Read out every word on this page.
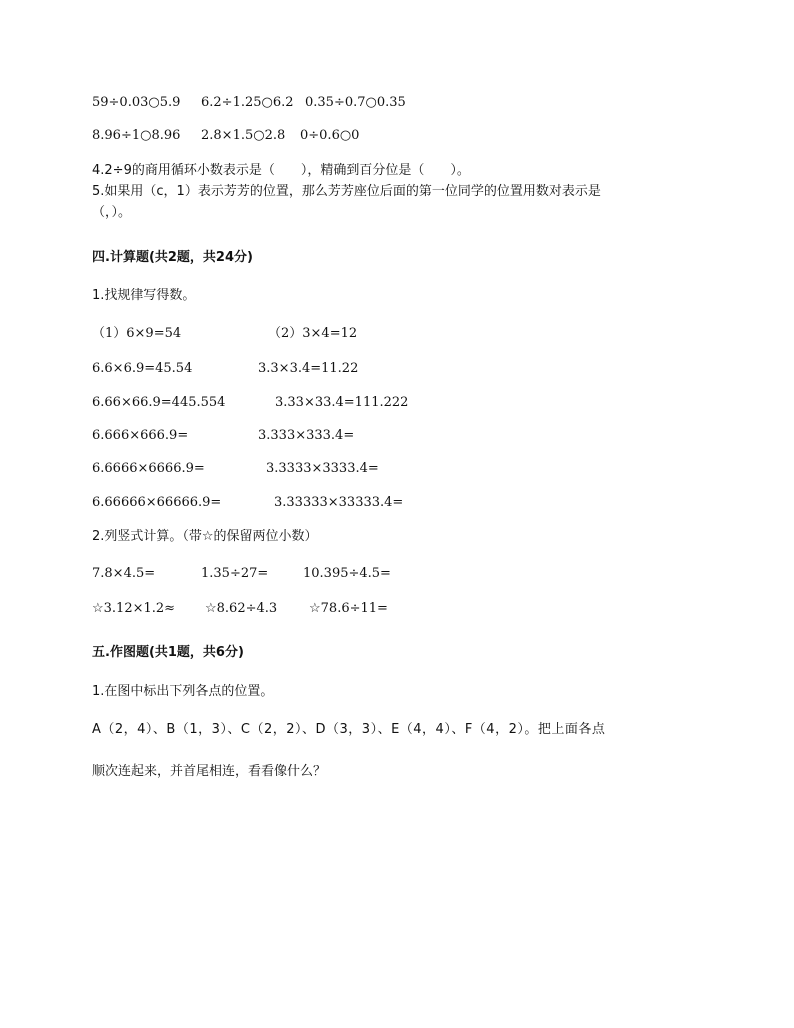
59÷0.03○5.9 6.2÷1.25○6.2 0.35÷0.7○0.35
8.96÷1○8.96 2.8×1.5○2.8 0÷0.6○0
4.2÷9的商用循环小数表示是（　　），精确到百分位是（　　）。
5.如果用（c，1）表示芳芳的位置，那么芳芳座位后面的第一位同学的位置用数对表示是
（，）。
四.计算题(共2题，共24分)
1.找规律写得数。
（1）6×9=54	（2）3×4=12
6.6×6.9=45.54	3.3×3.4=11.22
6.66×66.9=445.554	3.33×33.4=111.222
6.666×666.9=	3.333×333.4=
6.6666×6666.9=	3.3333×3333.4=
6.66666×66666.9=	3.33333×33333.4=
2.列竖式计算。（带☆的保留两位小数）
7.8×4.5=	1.35÷27=	10.395÷4.5=
☆3.12×1.2≈ ☆8.62÷4.3 ☆78.6÷11=
五.作图题(共1题，共6分)
1.在图中标出下列各点的位置。
A（2，4）、B（1，3）、C（2，2）、D（3，3）、E（4，4）、F（4，2）。把上面各点
顺次连起来，并首尾相连，看看像什么？
